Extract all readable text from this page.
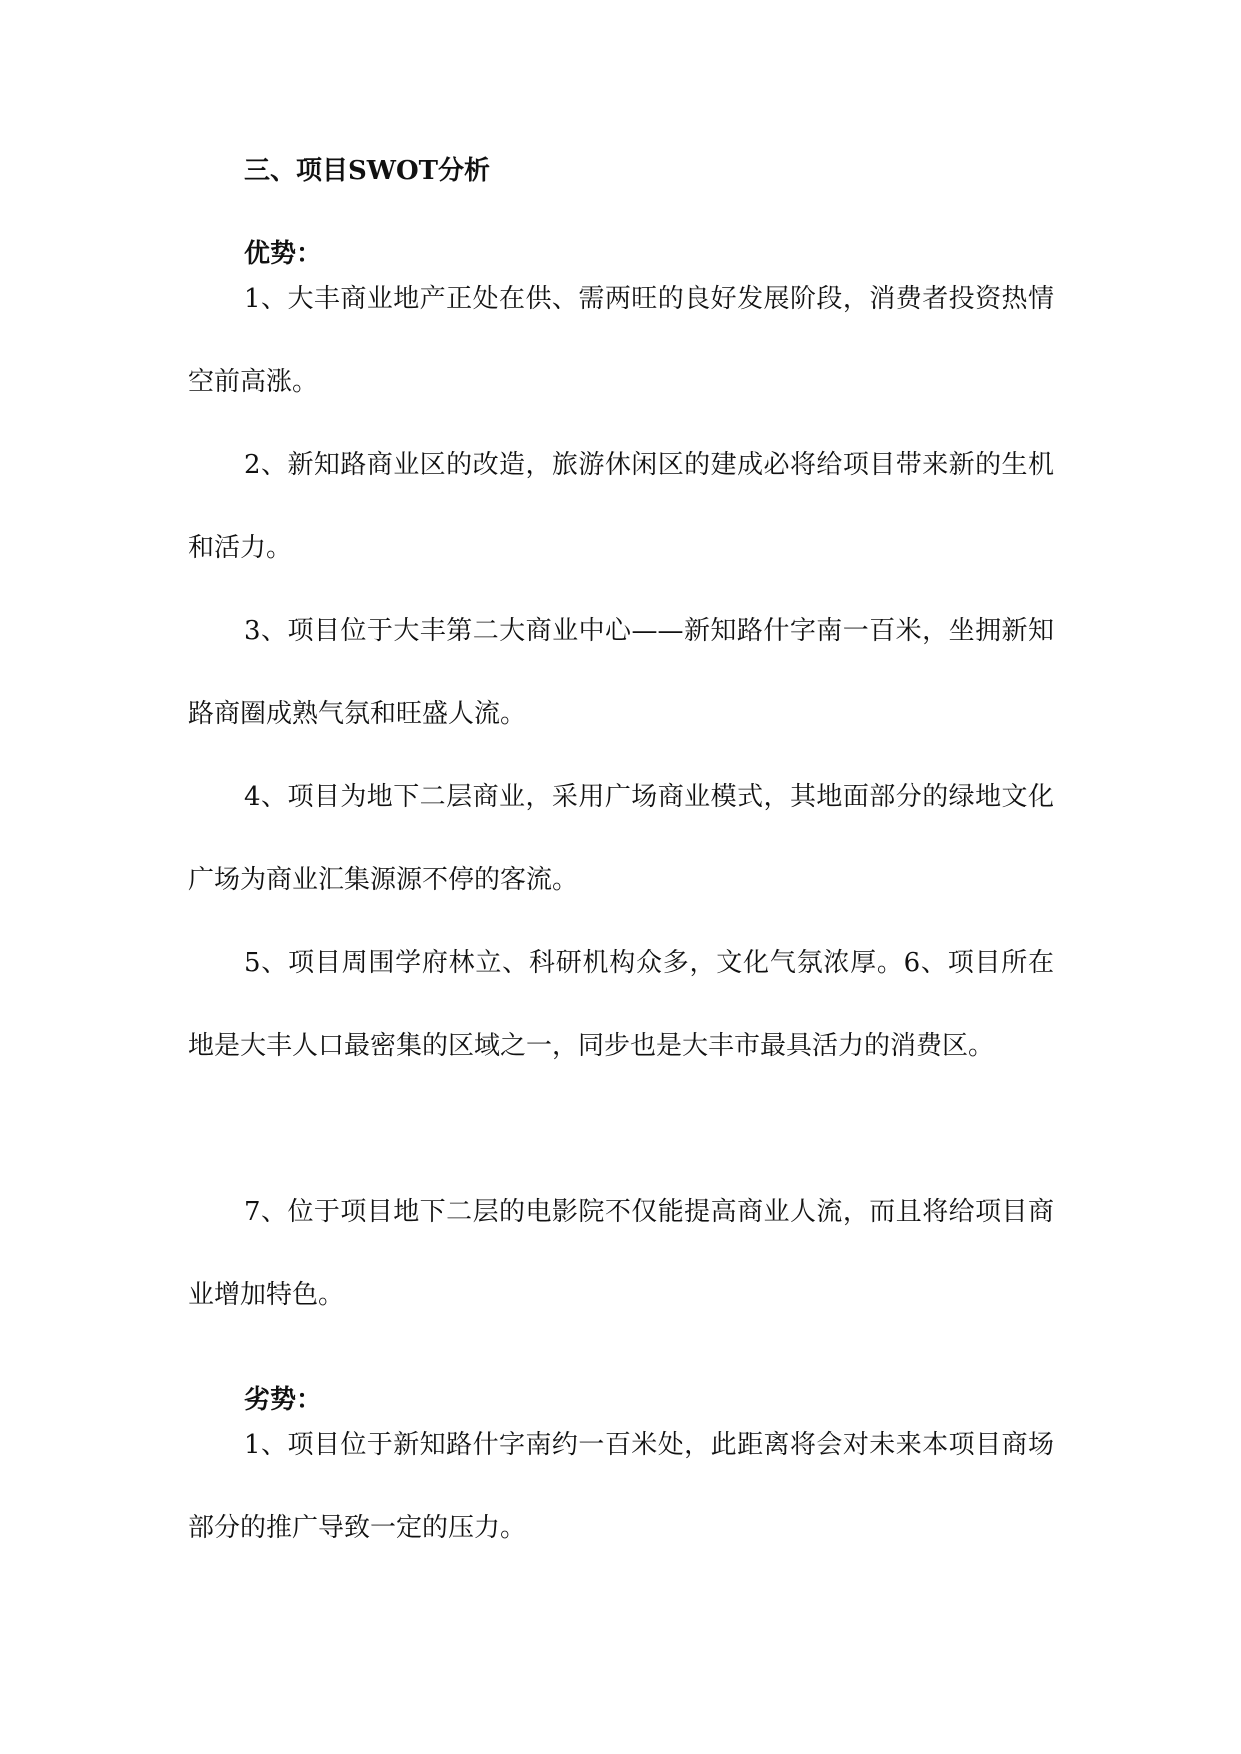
三、项目SWOT分析
优势：

1、大丰商业地产正处在供、需两旺的良好发展阶段，消费者投资热情空前高涨。

2、新知路商业区的改造，旅游休闲区的建成必将给项目带来新的生机和活力。

3、项目位于大丰第二大商业中心——新知路什字南一百米，坐拥新知路商圈成熟气氛和旺盛人流。

4、项目为地下二层商业，采用广场商业模式，其地面部分的绿地文化广场为商业汇集源源不停的客流。

5、项目周围学府林立、科研机构众多，文化气氛浓厚。6、项目所在地是大丰人口最密集的区域之一，同步也是大丰市最具活力的消费区。

7、位于项目地下二层的电影院不仅能提高商业人流，而且将给项目商业增加特色。

劣势：

1、项目位于新知路什字南约一百米处，此距离将会对未来本项目商场部分的推广导致一定的压力。
